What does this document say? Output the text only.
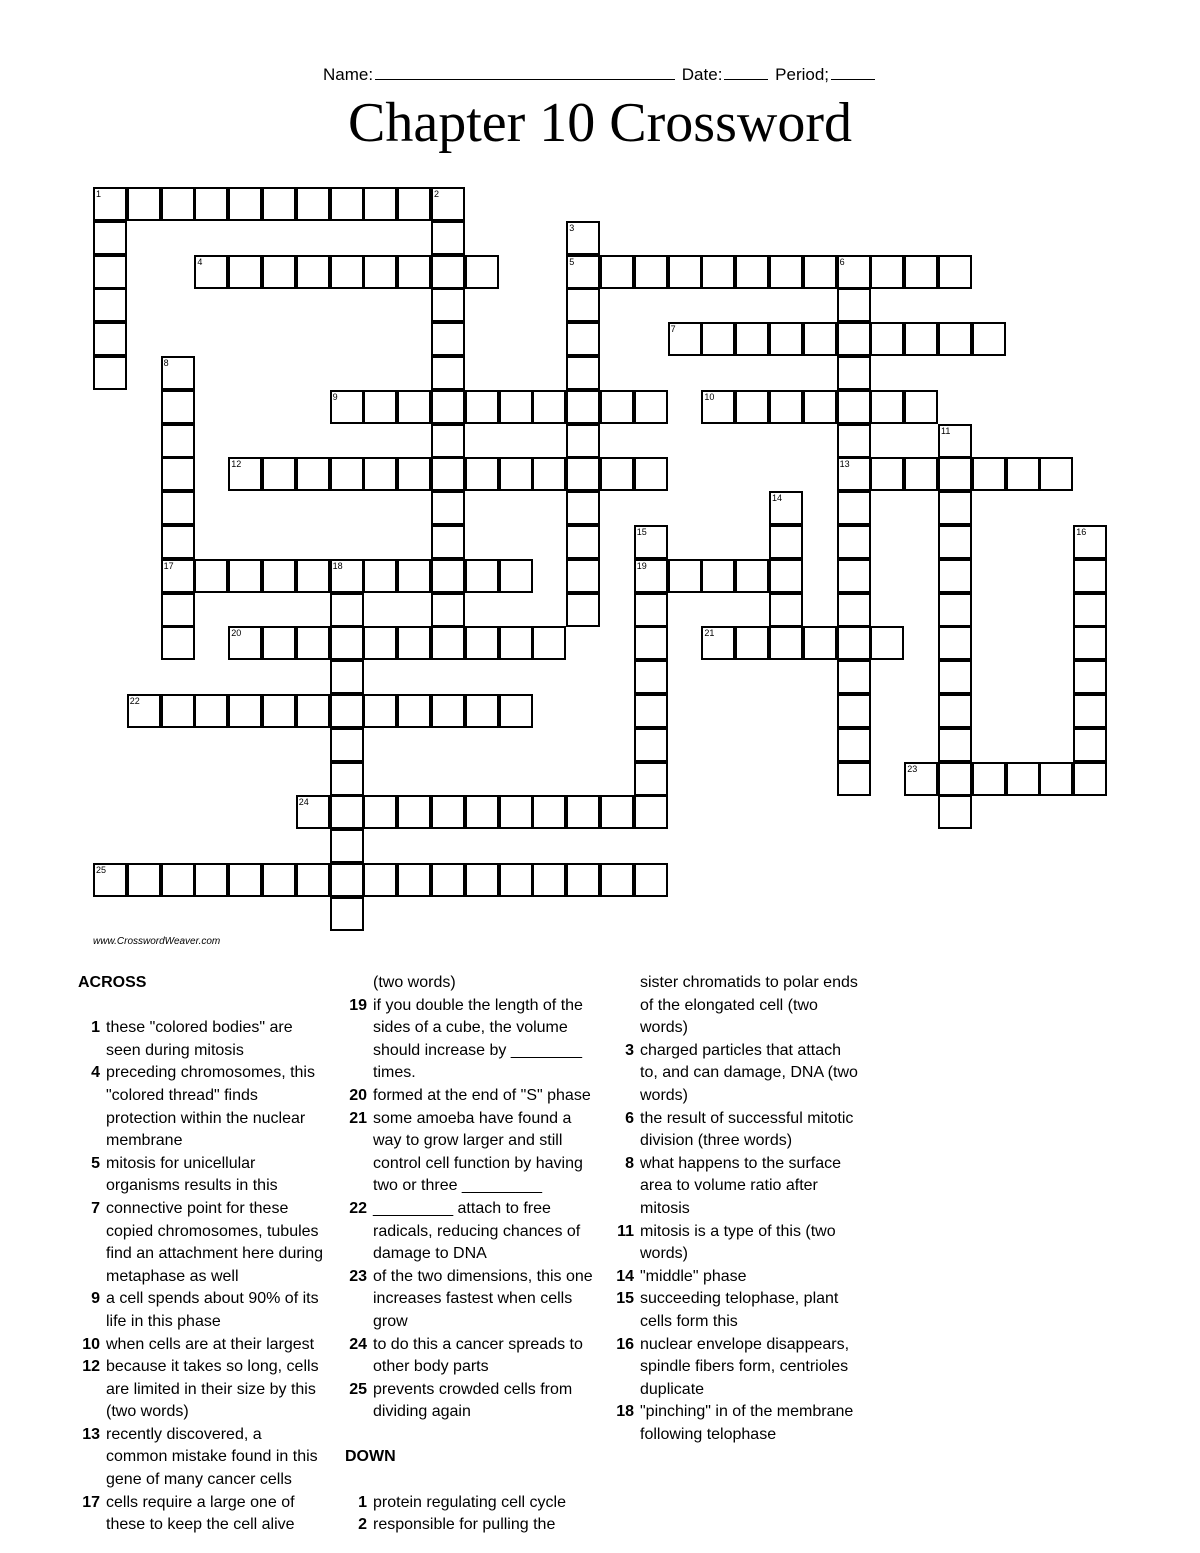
Name:	Date:	Period;
Chapter 10 Crossword
1
4	5
7
9	10
12	13
17	19
20	21
22
23
24
25
2
3
6
8
11
14
15	16
18
www.CrosswordWeaver.com
ACROSS
1 these "colored bodies" are seen during mitosis
4 preceding chromosomes, this "colored thread" finds protection within the nuclear membrane
5 mitosis for unicellular organisms results in this
7 connective point for these copied chromosomes, tubules find an attachment here during metaphase as well
9 a cell spends about 90% of its life in this phase
10 when cells are at their largest
12 because it takes so long, cells are limited in their size by this (two words)
13 recently discovered, a common mistake found in this gene of many cancer cells
17 cells require a large one of these to keep the cell alive
(two words)
19 if you double the length of the sides of a cube, the volume should increase by ________ times.
20 formed at the end of "S" phase
21 some amoeba have found a way to grow larger and still control cell function by having two or three _________
22 _________ attach to free radicals, reducing chances of damage to DNA
23 of the two dimensions, this one increases fastest when cells grow
24 to do this a cancer spreads to other body parts
25 prevents crowded cells from dividing again
DOWN
1 protein regulating cell cycle
2 responsible for pulling the
sister chromatids to polar ends of the elongated cell (two words)
3 charged particles that attach to, and can damage, DNA (two words)
6 the result of successful mitotic division (three words)
8 what happens to the surface area to volume ratio after mitosis
11 mitosis is a type of this (two words)
14 "middle" phase
15 succeeding telophase, plant cells form this
16 nuclear envelope disappears, spindle fibers form, centrioles duplicate
18 "pinching" in of the membrane following telophase
